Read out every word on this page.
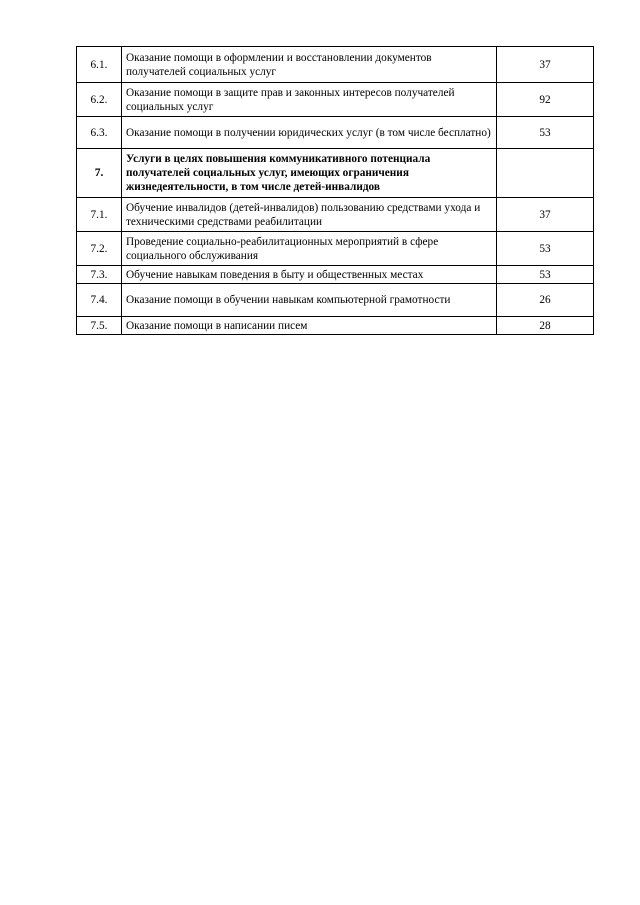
6.1.	Оказание помощи в оформлении и восстановлении документов получателей социальных услуг	37
6.2.	Оказание помощи в защите прав и законных интересов получателей социальных услуг	92
6.3.	Оказание помощи в получении юридических услуг (в том числе бесплатно)	53
7.	Услуги в целях повышения коммуникативного потенциала получателей социальных услуг, имеющих ограничения жизнедеятельности, в том числе детей-инвалидов	
7.1.	Обучение инвалидов (детей-инвалидов) пользованию средствами ухода и техническими средствами реабилитации	37
7.2.	Проведение социально-реабилитационных мероприятий в сфере социального обслуживания	53
7.3.	Обучение навыкам поведения в быту и общественных местах	53
7.4.	Оказание помощи в обучении навыкам компьютерной грамотности	26
7.5.	Оказание помощи в написании писем	28
